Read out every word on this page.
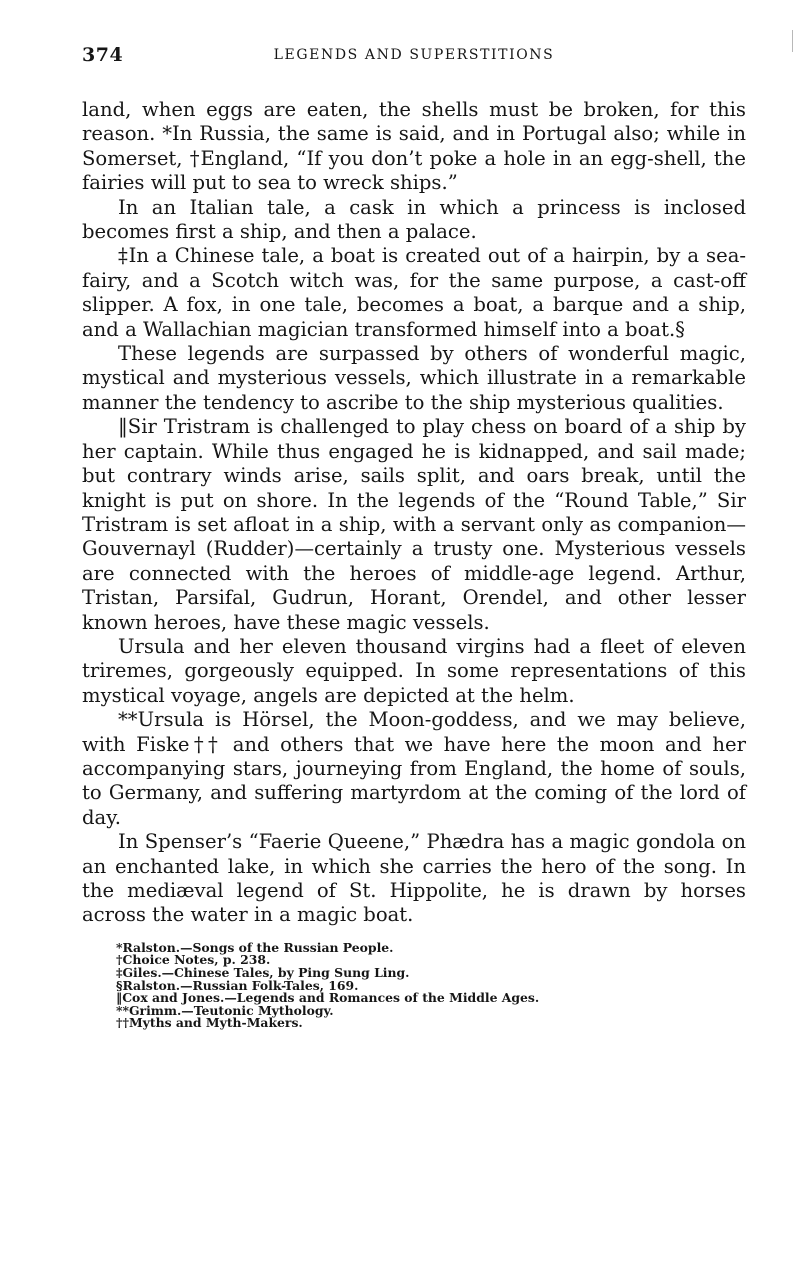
374	LEGENDS AND SUPERSTITIONS

land, when eggs are eaten, the shells must be broken, for this reason. *In Russia, the same is said, and in Portugal also; while in Somerset, †England, “If you don’t poke a hole in an egg-shell, the fairies will put to sea to wreck ships.”

In an Italian tale, a cask in which a princess is inclosed becomes first a ship, and then a palace.

‡In a Chinese tale, a boat is created out of a hairpin, by a sea-fairy, and a Scotch witch was, for the same purpose, a cast-off slipper. A fox, in one tale, becomes a boat, a barque and a ship, and a Wallachian magician transformed himself into a boat.§

These legends are surpassed by others of wonderful magic, mystical and mysterious vessels, which illustrate in a remarkable manner the tendency to ascribe to the ship mysterious qualities.

‖Sir Tristram is challenged to play chess on board of a ship by her captain. While thus engaged he is kidnapped, and sail made; but contrary winds arise, sails split, and oars break, until the knight is put on shore. In the legends of the “Round Table,” Sir Tristram is set afloat in a ship, with a servant only as companion—Gouvernayl (Rudder)—certainly a trusty one. Mysterious vessels are connected with the heroes of middle-age legend. Arthur, Tristan, Parsifal, Gudrun, Horant, Orendel, and other lesser known heroes, have these magic vessels.

Ursula and her eleven thousand virgins had a fleet of eleven triremes, gorgeously equipped. In some representations of this mystical voyage, angels are depicted at the helm.

**Ursula is Hörsel, the Moon-goddess, and we may believe, with Fiske†† and others that we have here the moon and her accompanying stars, journeying from England, the home of souls, to Germany, and suffering martyrdom at the coming of the lord of day.

In Spenser’s “Faerie Queene,” Phædra has a magic gondola on an enchanted lake, in which she carries the hero of the song. In the mediæval legend of St. Hippolite, he is drawn by horses across the water in a magic boat.

*Ralston.—Songs of the Russian People.
†Choice Notes, p. 238.
‡Giles.—Chinese Tales, by Ping Sung Ling.
§Ralston.—Russian Folk-Tales, 169.
‖Cox and Jones.—Legends and Romances of the Middle Ages.
**Grimm.—Teutonic Mythology.
††Myths and Myth-Makers.
